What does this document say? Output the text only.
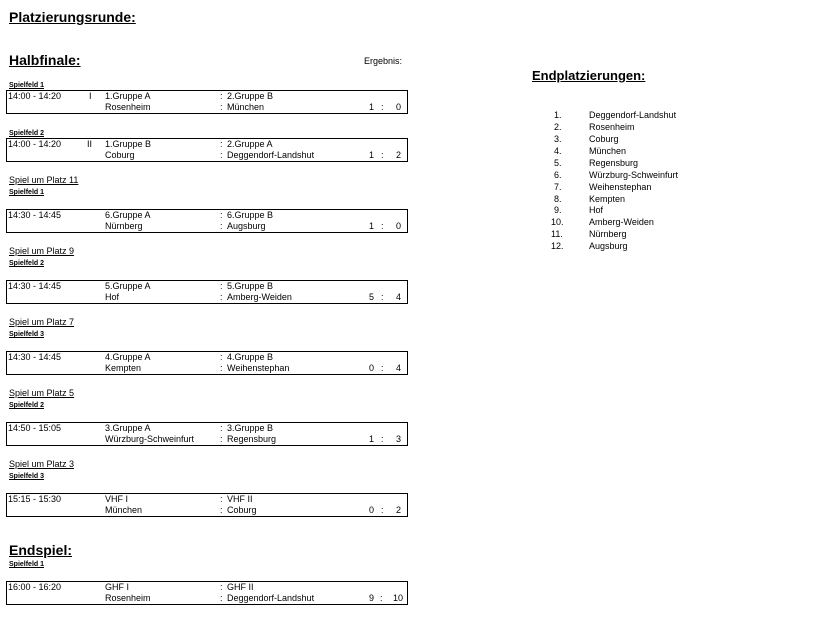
Platzierungsrunde:
Halbfinale:	Ergebnis:
Spielfeld 1
14:00 - 14:20	I 1.Gruppe A	: 2.Gruppe B
Rosenheim	: München	1 : 0
Spielfeld 2
14:00 - 14:20	II 1.Gruppe B	: 2.Gruppe A
Coburg	: Deggendorf-Landshut	1 : 2
Spiel um Platz 11
Spielfeld 1
14:30 - 14:45	6.Gruppe A	: 6.Gruppe B
Nürnberg	: Augsburg	1 : 0
Spiel um Platz 9
Spielfeld 2
14:30 - 14:45	5.Gruppe A	: 5.Gruppe B
Hof	: Amberg-Weiden	5 : 4
Spiel um Platz 7
Spielfeld 3
14:30 - 14:45	4.Gruppe A	: 4.Gruppe B
Kempten	: Weihenstephan	0 : 4
Spiel um Platz 5
Spielfeld 2
14:50 - 15:05	3.Gruppe A	: 3.Gruppe B
Würzburg-Schweinfurt	: Regensburg	1 : 3
Spiel um Platz 3
Spielfeld 3
15:15 - 15:30	VHF I	: VHF II
München	: Coburg	0 : 2
Endspiel:
Spielfeld 1
16:00 - 16:20	GHF I	: GHF II
Rosenheim	: Deggendorf-Landshut	9 : 10
Endplatzierungen:
1.	Deggendorf-Landshut
2.	Rosenheim
3.	Coburg
4.	München
5.	Regensburg
6.	Würzburg-Schweinfurt
7.	Weihenstephan
8.	Kempten
9.	Hof
10.	Amberg-Weiden
11.	Nürnberg
12.	Augsburg
